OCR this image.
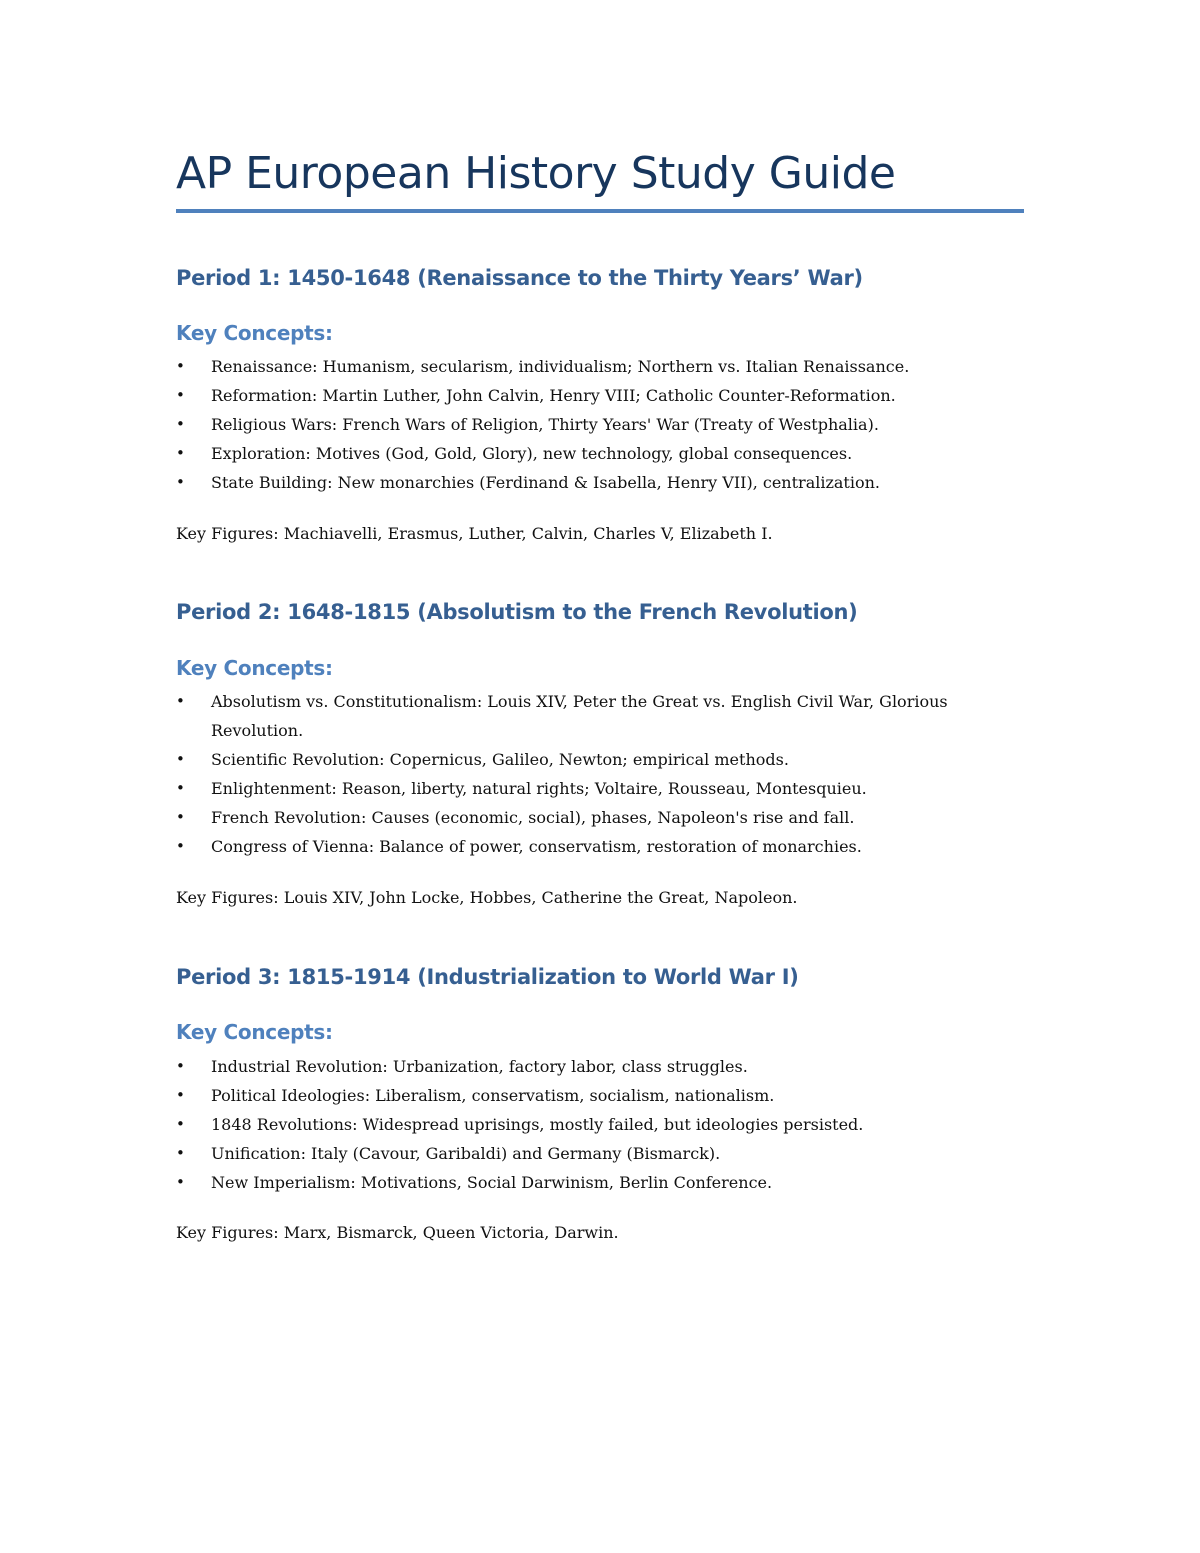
AP European History Study Guide
Period 1: 1450-1648 (Renaissance to the Thirty Years’ War)
Key Concepts:
• Renaissance: Humanism, secularism, individualism; Northern vs. Italian Renaissance.
• Reformation: Martin Luther, John Calvin, Henry VIII; Catholic Counter-Reformation.
• Religious Wars: French Wars of Religion, Thirty Years' War (Treaty of Westphalia).
• Exploration: Motives (God, Gold, Glory), new technology, global consequences.
• State Building: New monarchies (Ferdinand & Isabella, Henry VII), centralization.
Key Figures: Machiavelli, Erasmus, Luther, Calvin, Charles V, Elizabeth I.
Period 2: 1648-1815 (Absolutism to the French Revolution)
Key Concepts:
• Absolutism vs. Constitutionalism: Louis XIV, Peter the Great vs. English Civil War, Glorious Revolution.
• Scientific Revolution: Copernicus, Galileo, Newton; empirical methods.
• Enlightenment: Reason, liberty, natural rights; Voltaire, Rousseau, Montesquieu.
• French Revolution: Causes (economic, social), phases, Napoleon's rise and fall.
• Congress of Vienna: Balance of power, conservatism, restoration of monarchies.
Key Figures: Louis XIV, John Locke, Hobbes, Catherine the Great, Napoleon.
Period 3: 1815-1914 (Industrialization to World War I)
Key Concepts:
• Industrial Revolution: Urbanization, factory labor, class struggles.
• Political Ideologies: Liberalism, conservatism, socialism, nationalism.
• 1848 Revolutions: Widespread uprisings, mostly failed, but ideologies persisted.
• Unification: Italy (Cavour, Garibaldi) and Germany (Bismarck).
• New Imperialism: Motivations, Social Darwinism, Berlin Conference.
Key Figures: Marx, Bismarck, Queen Victoria, Darwin.
